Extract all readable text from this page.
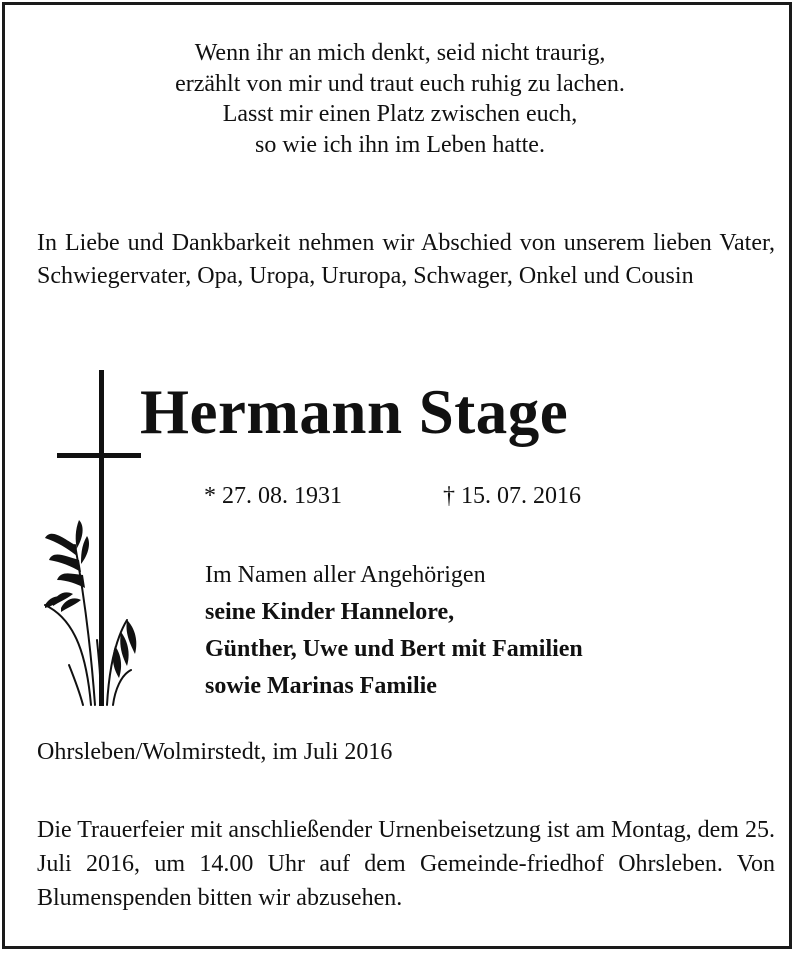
Wenn ihr an mich denkt, seid nicht traurig,
erzählt von mir und traut euch ruhig zu lachen.
Lasst mir einen Platz zwischen euch,
so wie ich ihn im Leben hatte.
In Liebe und Dankbarkeit nehmen wir Abschied von unserem lieben Vater, Schwiegervater, Opa, Uropa, Ururopa, Schwager, Onkel und Cousin
Hermann Stage
* 27. 08. 1931	† 15. 07. 2016
Im Namen aller Angehörigen
seine Kinder Hannelore,
Günther, Uwe und Bert mit Familien
sowie Marinas Familie
Ohrsleben/Wolmirstedt, im Juli 2016
Die Trauerfeier mit anschließender Urnenbeisetzung ist am Montag, dem 25. Juli 2016, um 14.00 Uhr auf dem Gemeinde-friedhof Ohrsleben. Von Blumenspenden bitten wir abzusehen.
